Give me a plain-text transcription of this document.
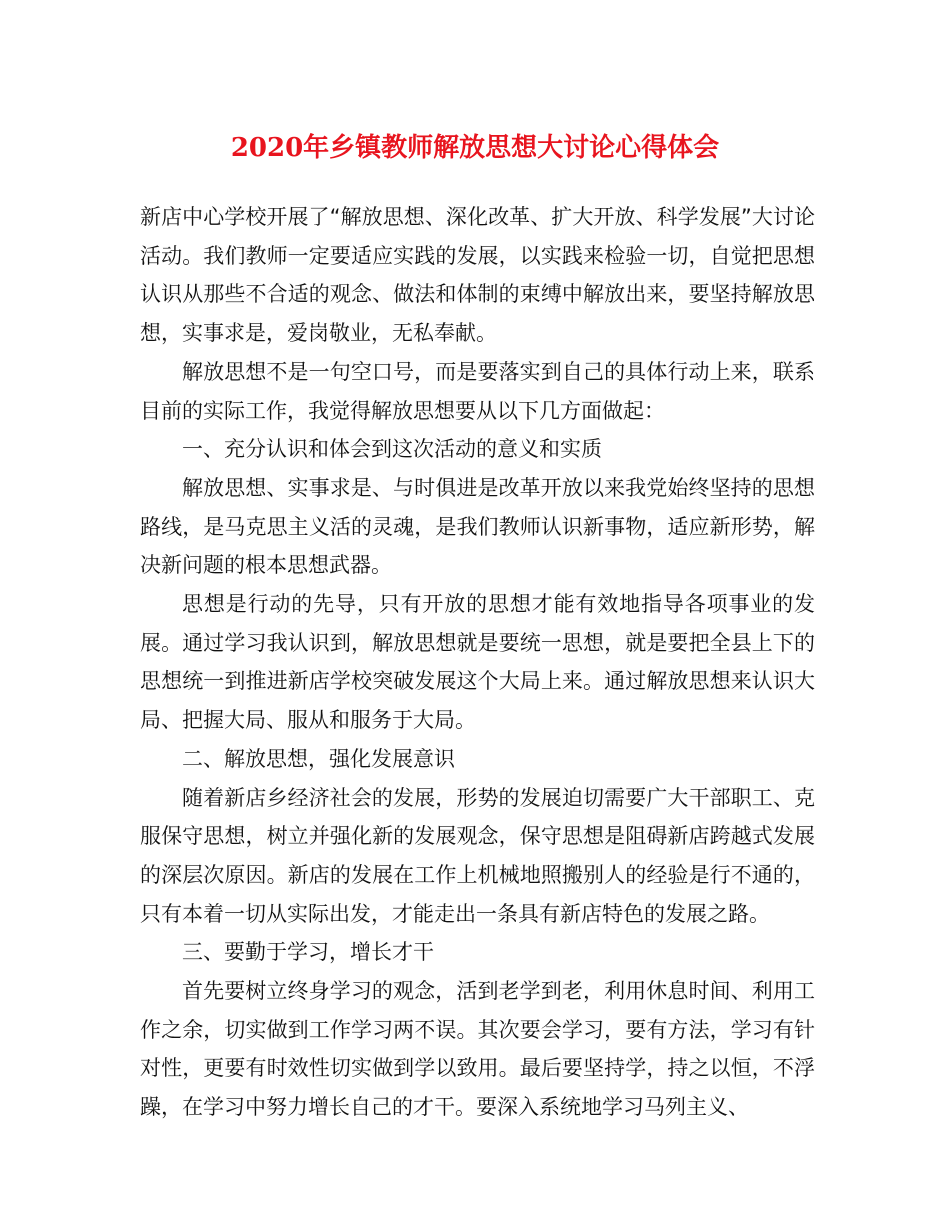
2020年乡镇教师解放思想大讨论心得体会

新店中心学校开展了“解放思想、深化改革、扩大开放、科学发展”大讨论活动。我们教师一定要适应实践的发展，以实践来检验一切，自觉把思想认识从那些不合适的观念、做法和体制的束缚中解放出来，要坚持解放思想，实事求是，爱岗敬业，无私奉献。

解放思想不是一句空口号，而是要落实到自己的具体行动上来，联系目前的实际工作，我觉得解放思想要从以下几方面做起：

一、充分认识和体会到这次活动的意义和实质

解放思想、实事求是、与时俱进是改革开放以来我党始终坚持的思想路线，是马克思主义活的灵魂，是我们教师认识新事物，适应新形势，解决新问题的根本思想武器。

思想是行动的先导，只有开放的思想才能有效地指导各项事业的发展。通过学习我认识到，解放思想就是要统一思想，就是要把全县上下的思想统一到推进新店学校突破发展这个大局上来。通过解放思想来认识大局、把握大局、服从和服务于大局。

二、解放思想，强化发展意识

随着新店乡经济社会的发展，形势的发展迫切需要广大干部职工、克服保守思想，树立并强化新的发展观念，保守思想是阻碍新店跨越式发展的深层次原因。新店的发展在工作上机械地照搬别人的经验是行不通的，只有本着一切从实际出发，才能走出一条具有新店特色的发展之路。

三、要勤于学习，增长才干

首先要树立终身学习的观念，活到老学到老，利用休息时间、利用工作之余，切实做到工作学习两不误。其次要会学习，要有方法，学习有针对性，更要有时效性切实做到学以致用。最后要坚持学，持之以恒，不浮躁，在学习中努力增长自己的才干。要深入系统地学习马列主义、
